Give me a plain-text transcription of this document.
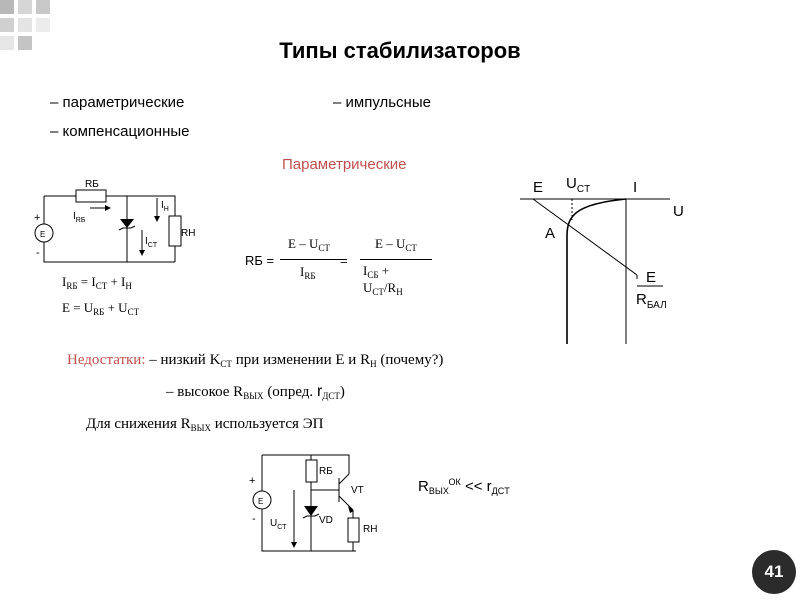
Типы стабилизаторов
– параметрические	– импульсные
– компенсационные
Параметрические
E
+
-
RБ
$I_{RБ}$
$I_{CТ}$
$I_Н$
RН
$I_{RБ} = I_{CТ} + I_Н$
$E = U_{RБ} + U_{CТ}$
RБ =
E – $U_{CT}$
$I_{RБ}$
=
E – $U_{CT}$
$I_{CБ}$ +
$U_{CT}/R_Н$
E $U_{CT}$	I
U
A
E
$R_{БАЛ}$
Недостатки: – низкий $K_{CT}$ при изменении E и $R_Н$ (почему?)
– высокое $R_{ВЫХ}$ (опред. $r_{ДCT}$)
Для снижения $R_{ВЫХ}$ используется ЭП
E
+
-
RБ
VT
VD
$U_{CT}$	RН
$R_{ВЫХ}^{ОК} << r_{ДCT}$
41
